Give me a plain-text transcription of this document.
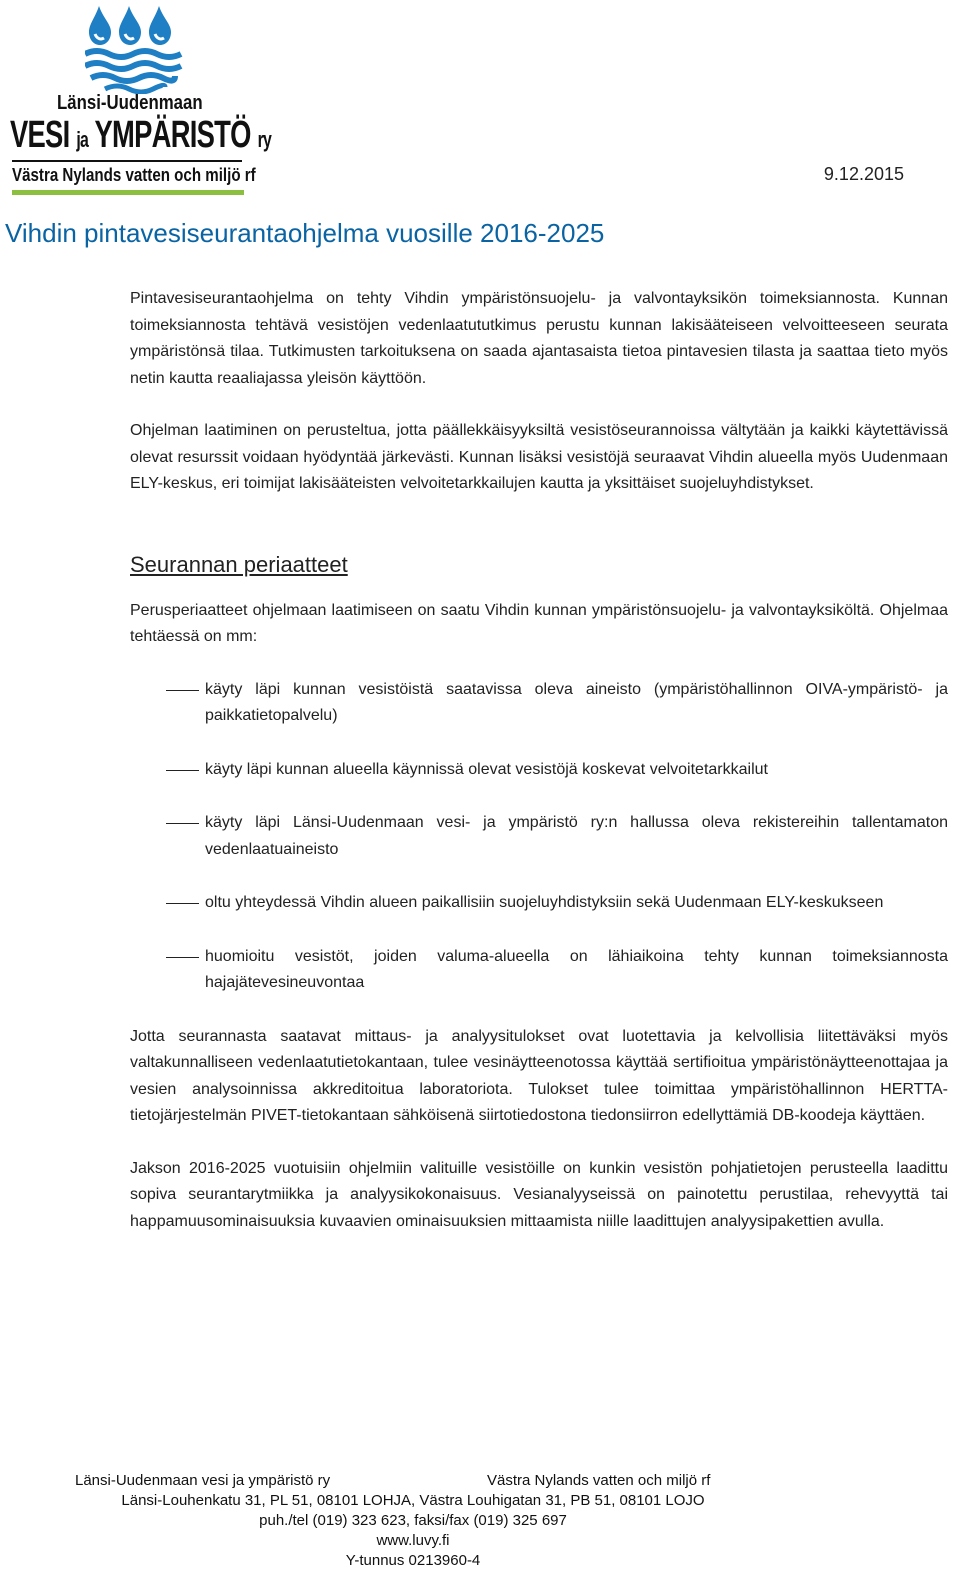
Länsi-Uudenmaan
VESI ja YMPÄRISTÖ ry
Västra Nylands vatten och miljö rf	9.12.2015
Vihdin pintavesiseurantaohjelma vuosille 2016-2025

Pintavesiseurantaohjelma on tehty Vihdin ympäristönsuojelu- ja valvontayksikön toimeksiannosta. Kunnan toimeksiannosta tehtävä vesistöjen vedenlaatututkimus perustu kunnan lakisääteiseen velvoitteeseen seurata ympäristönsä tilaa. Tutkimusten tarkoituksena on saada ajantasaista tietoa pintavesien tilasta ja saattaa tieto myös netin kautta reaaliajassa yleisön käyttöön.

Ohjelman laatiminen on perusteltua, jotta päällekkäisyyksiltä vesistöseurannoissa vältytään ja kaikki käytettävissä olevat resurssit voidaan hyödyntää järkevästi. Kunnan lisäksi vesistöjä seuraavat Vihdin alueella myös Uudenmaan ELY-keskus, eri toimijat lakisääteisten velvoitetarkkailujen kautta ja yksittäiset suojeluyhdistykset.

Seurannan periaatteet

Perusperiaatteet ohjelmaan laatimiseen on saatu Vihdin kunnan ympäristönsuojelu- ja valvontayksiköltä. Ohjelmaa tehtäessä on mm:

käyty läpi kunnan vesistöistä saatavissa oleva aineisto (ympäristöhallinnon OIVA-ympäristö- ja paikkatietopalvelu)
käyty läpi kunnan alueella käynnissä olevat vesistöjä koskevat velvoitetarkkailut
käyty läpi Länsi-Uudenmaan vesi- ja ympäristö ry:n hallussa oleva rekistereihin tallentamaton vedenlaatuaineisto
oltu yhteydessä Vihdin alueen paikallisiin suojeluyhdistyksiin sekä Uudenmaan ELY-keskukseen
huomioitu vesistöt, joiden valuma-alueella on lähiaikoina tehty kunnan toimeksiannosta hajajätevesineuvontaa

Jotta seurannasta saatavat mittaus- ja analyysitulokset ovat luotettavia ja kelvollisia liitettäväksi myös valtakunnalliseen vedenlaatutietokantaan, tulee vesinäytteenotossa käyttää sertifioitua ympäristönäytteenottajaa ja vesien analysoinnissa akkreditoitua laboratoriota. Tulokset tulee toimittaa ympäristöhallinnon HERTTA-tietojärjestelmän PIVET-tietokantaan sähköisenä siirtotiedostona tiedonsiirron edellyttämiä DB-koodeja käyttäen.

Jakson 2016-2025 vuotuisiin ohjelmiin valituille vesistöille on kunkin vesistön pohjatietojen perusteella laadittu sopiva seurantarytmiikka ja analyysikokonaisuus. Vesianalyyseissä on painotettu perustilaa, rehevyyttä tai happamuusominaisuuksia kuvaavien ominaisuuksien mittaamista niille laadittujen analyysipakettien avulla.

Länsi-Uudenmaan vesi ja ympäristö ry	Västra Nylands vatten och miljö rf
Länsi-Louhenkatu 31, PL 51, 08101 LOHJA, Västra Louhigatan 31, PB 51, 08101 LOJO
puh./tel (019) 323 623, faksi/fax (019) 325 697
www.luvy.fi
Y-tunnus 0213960-4
